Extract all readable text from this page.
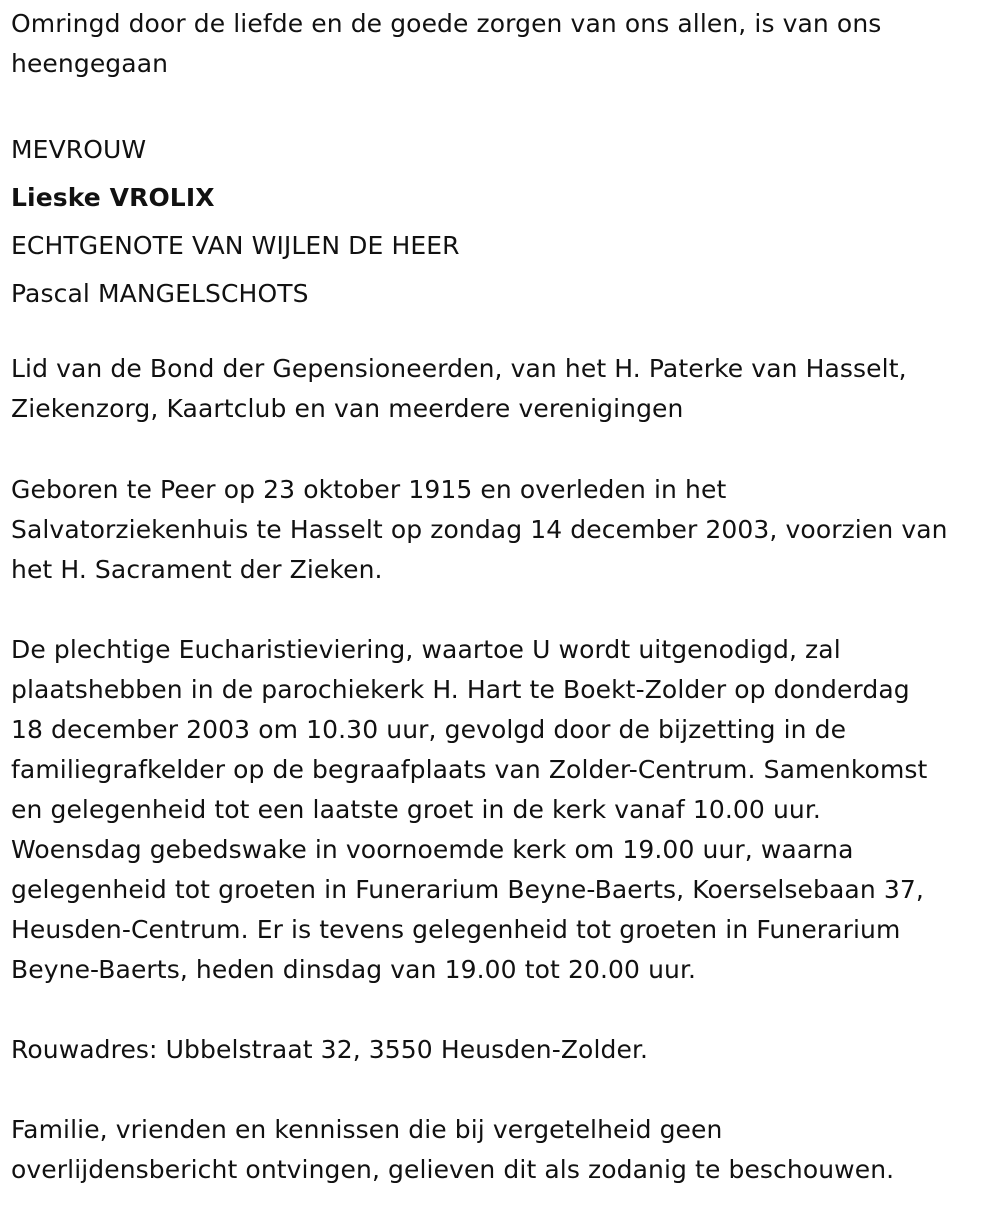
Omringd door de liefde en de goede zorgen van ons allen, is van ons
heengegaan

MEVROUW
Lieske VROLIX
ECHTGENOTE VAN WIJLEN DE HEER
Pascal MANGELSCHOTS

Lid van de Bond der Gepensioneerden, van het H. Paterke van Hasselt,
Ziekenzorg, Kaartclub en van meerdere verenigingen

Geboren te Peer op 23 oktober 1915 en overleden in het
Salvatorziekenhuis te Hasselt op zondag 14 december 2003, voorzien van
het H. Sacrament der Zieken.

De plechtige Eucharistieviering, waartoe U wordt uitgenodigd, zal
plaatshebben in de parochiekerk H. Hart te Boekt-Zolder op donderdag
18 december 2003 om 10.30 uur, gevolgd door de bijzetting in de
familiegrafkelder op de begraafplaats van Zolder-Centrum. Samenkomst
en gelegenheid tot een laatste groet in de kerk vanaf 10.00 uur.
Woensdag gebedswake in voornoemde kerk om 19.00 uur, waarna
gelegenheid tot groeten in Funerarium Beyne-Baerts, Koerselsebaan 37,
Heusden-Centrum. Er is tevens gelegenheid tot groeten in Funerarium
Beyne-Baerts, heden dinsdag van 19.00 tot 20.00 uur.

Rouwadres: Ubbelstraat 32, 3550 Heusden-Zolder.

Familie, vrienden en kennissen die bij vergetelheid geen
overlijdensbericht ontvingen, gelieven dit als zodanig te beschouwen.
